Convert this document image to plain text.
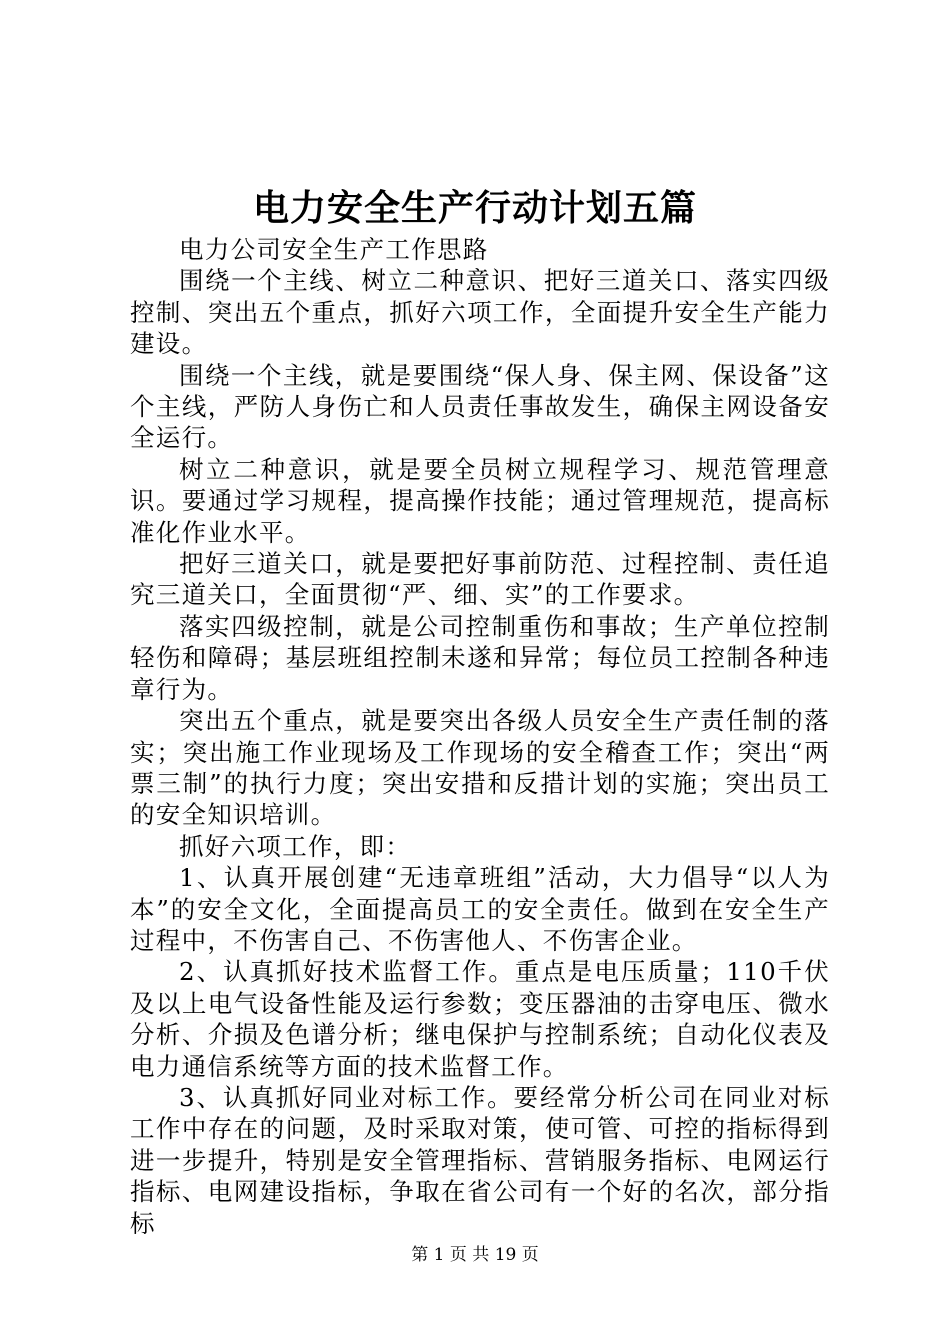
电力安全生产行动计划五篇

电力公司安全生产工作思路

围绕一个主线、树立二种意识、把好三道关口、落实四级控制、突出五个重点，抓好六项工作，全面提升安全生产能力建设。

围绕一个主线，就是要围绕“保人身、保主网、保设备”这个主线，严防人身伤亡和人员责任事故发生，确保主网设备安全运行。

树立二种意识，就是要全员树立规程学习、规范管理意识。要通过学习规程，提高操作技能；通过管理规范，提高标准化作业水平。

把好三道关口，就是要把好事前防范、过程控制、责任追究三道关口，全面贯彻“严、细、实”的工作要求。

落实四级控制，就是公司控制重伤和事故；生产单位控制轻伤和障碍；基层班组控制未遂和异常；每位员工控制各种违章行为。

突出五个重点，就是要突出各级人员安全生产责任制的落实；突出施工作业现场及工作现场的安全稽查工作；突出“两票三制”的执行力度；突出安措和反措计划的实施；突出员工的安全知识培训。

抓好六项工作，即：

1、认真开展创建“无违章班组”活动，大力倡导“以人为本”的安全文化，全面提高员工的安全责任。做到在安全生产过程中，不伤害自己、不伤害他人、不伤害企业。

2、认真抓好技术监督工作。重点是电压质量；110千伏及以上电气设备性能及运行参数；变压器油的击穿电压、微水分析、介损及色谱分析；继电保护与控制系统；自动化仪表及电力通信系统等方面的技术监督工作。

3、认真抓好同业对标工作。要经常分析公司在同业对标工作中存在的问题，及时采取对策，使可管、可控的指标得到进一步提升，特别是安全管理指标、营销服务指标、电网运行指标、电网建设指标，争取在省公司有一个好的名次，部分指标

第 1 页 共 19 页
